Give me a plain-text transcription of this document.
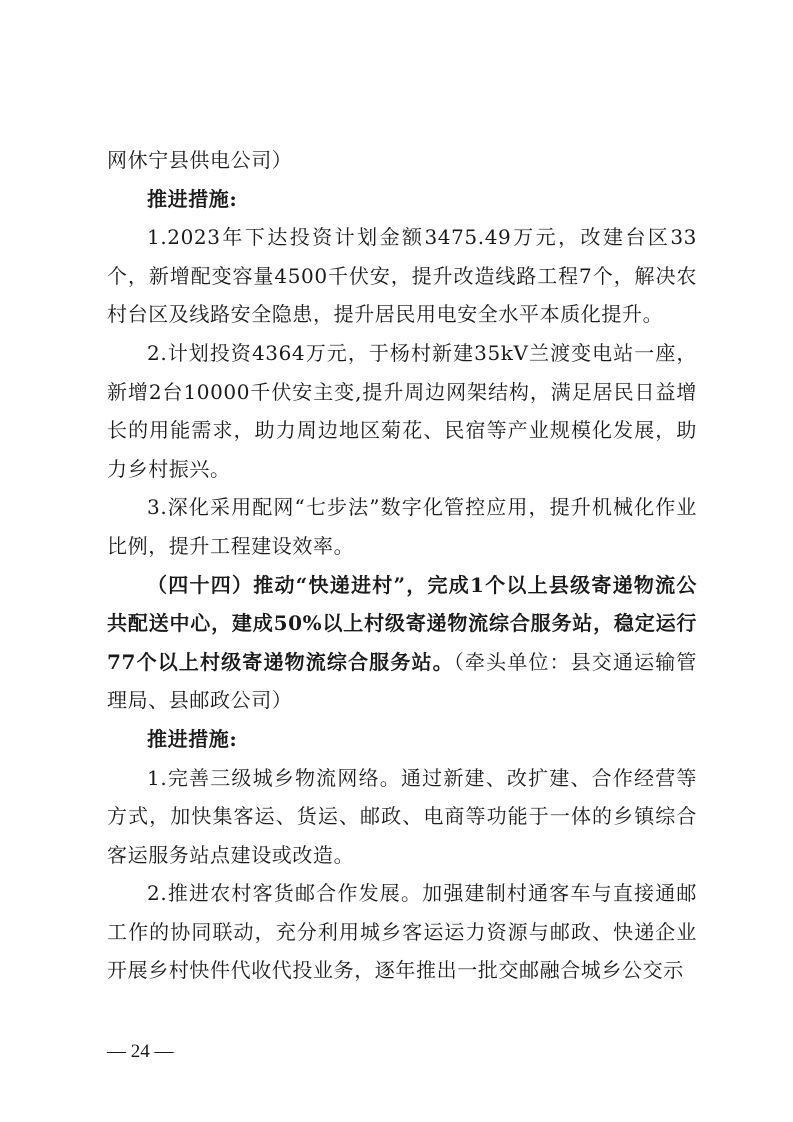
网休宁县供电公司）

推进措施:

1.2023年下达投资计划金额3475.49万元，改建台区33个，新增配变容量4500千伏安，提升改造线路工程7个，解决农村台区及线路安全隐患，提升居民用电安全水平本质化提升。

2.计划投资4364万元，于杨村新建35kV兰渡变电站一座，新增2台10000千伏安主变,提升周边网架结构，满足居民日益增长的用能需求，助力周边地区菊花、民宿等产业规模化发展，助力乡村振兴。

3.深化采用配网“七步法”数字化管控应用，提升机械化作业比例，提升工程建设效率。

（四十四）推动“快递进村”，完成1个以上县级寄递物流公共配送中心，建成50%以上村级寄递物流综合服务站，稳定运行77个以上村级寄递物流综合服务站。（牵头单位：县交通运输管理局、县邮政公司）

推进措施:

1.完善三级城乡物流网络。通过新建、改扩建、合作经营等方式，加快集客运、货运、邮政、电商等功能于一体的乡镇综合客运服务站点建设或改造。

2.推进农村客货邮合作发展。加强建制村通客车与直接通邮工作的协同联动，充分利用城乡客运运力资源与邮政、快递企业开展乡村快件代收代投业务，逐年推出一批交邮融合城乡公交示

— 24 —
